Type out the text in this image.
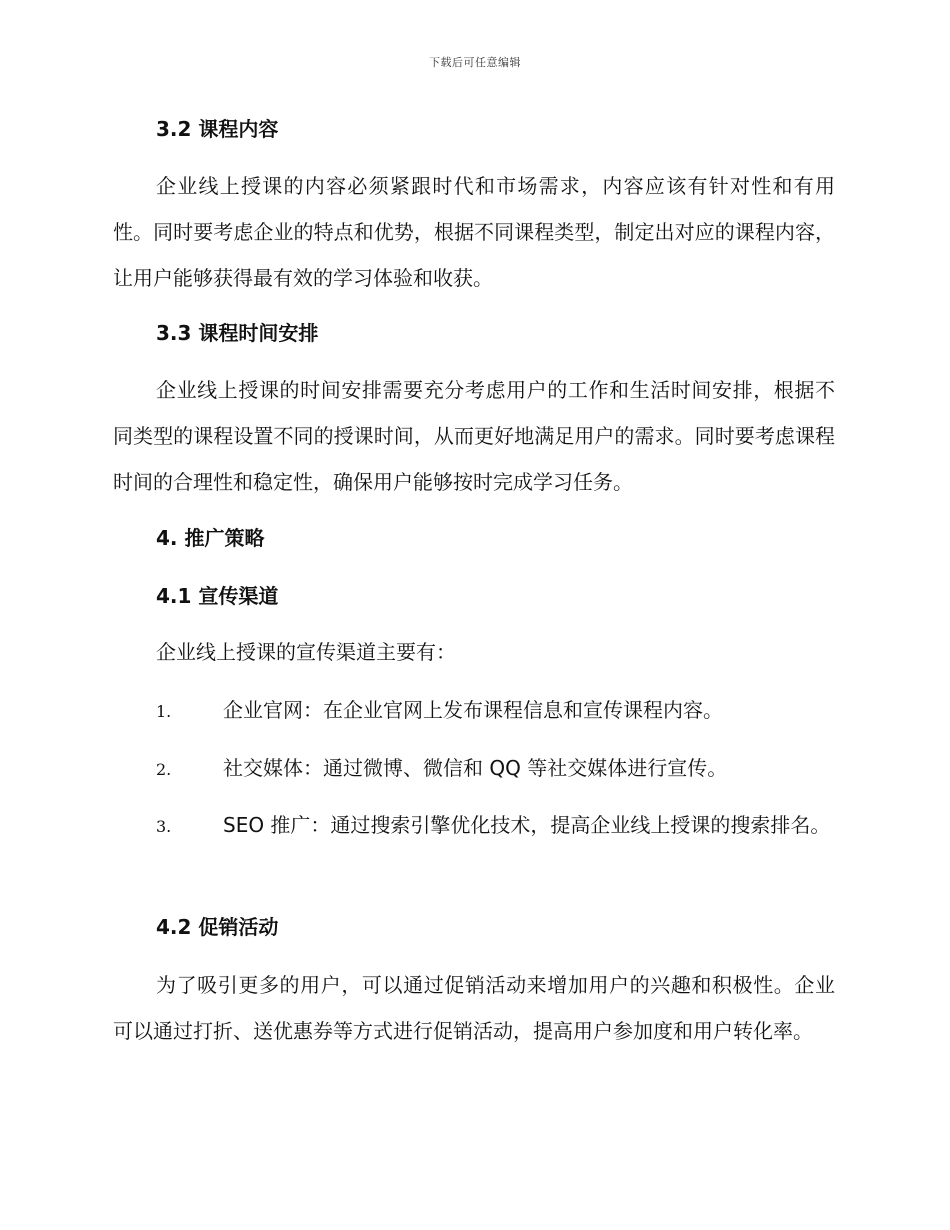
下载后可任意编辑
3.2 课程内容

企业线上授课的内容必须紧跟时代和市场需求，内容应该有针对性和有用性。同时要考虑企业的特点和优势，根据不同课程类型，制定出对应的课程内容，让用户能够获得最有效的学习体验和收获。

3.3 课程时间安排

企业线上授课的时间安排需要充分考虑用户的工作和生活时间安排，根据不同类型的课程设置不同的授课时间，从而更好地满足用户的需求。同时要考虑课程时间的合理性和稳定性，确保用户能够按时完成学习任务。

4. 推广策略
4.1 宣传渠道

企业线上授课的宣传渠道主要有：

1.	企业官网：在企业官网上发布课程信息和宣传课程内容。

2.	社交媒体：通过微博、微信和 QQ 等社交媒体进行宣传。

3.	SEO 推广：通过搜索引擎优化技术，提高企业线上授课的搜索排名。

4.2 促销活动

为了吸引更多的用户，可以通过促销活动来增加用户的兴趣和积极性。企业可以通过打折、送优惠券等方式进行促销活动，提高用户参加度和用户转化率。
